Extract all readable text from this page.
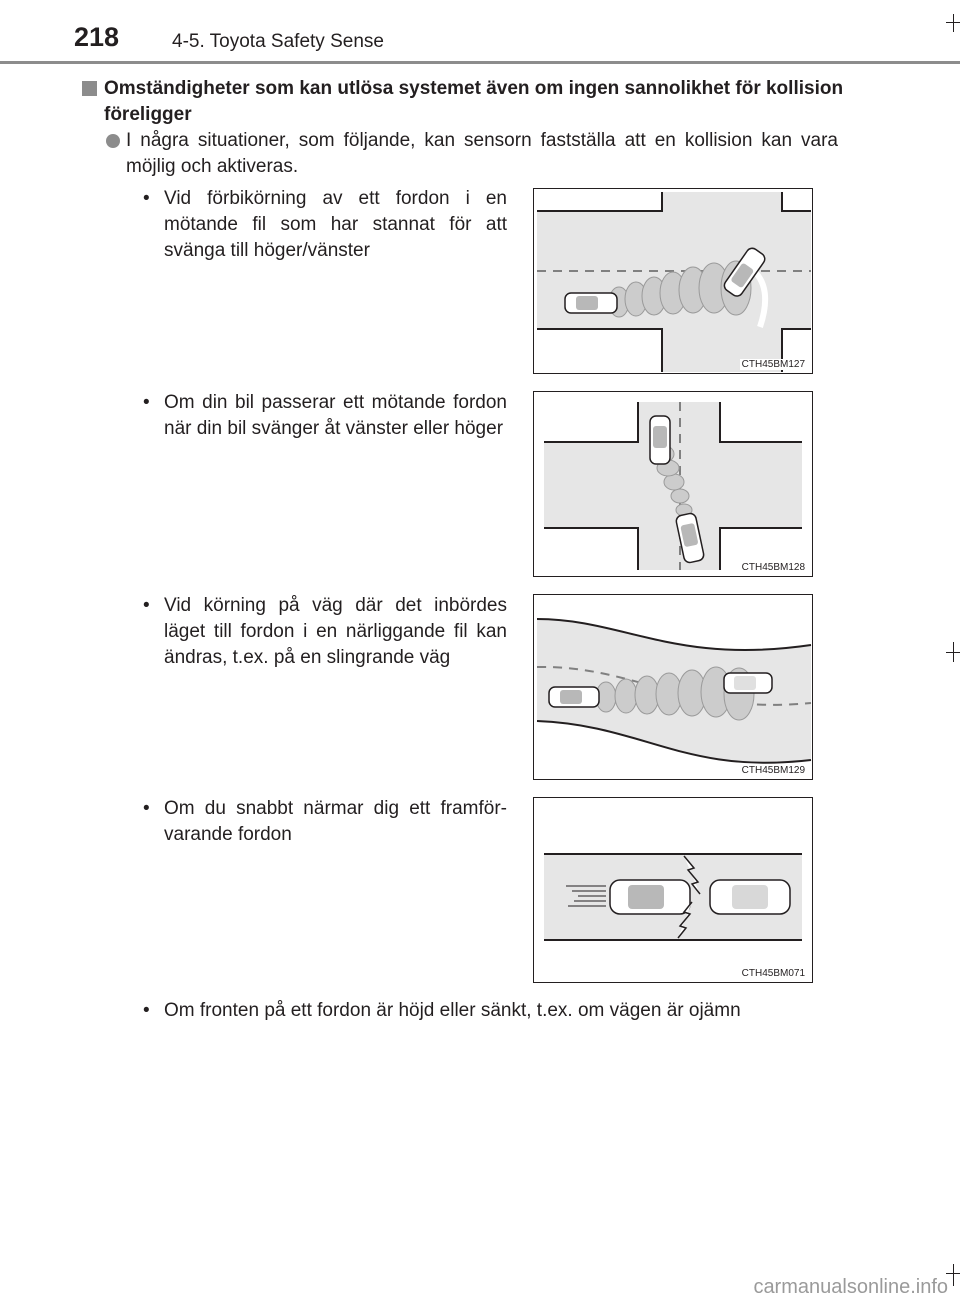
218	4-5. Toyota Safety Sense
Omständigheter som kan utlösa systemet även om ingen sannolikhet för kollision föreligger
I några situationer, som följande, kan sensorn fastställa att en kollision kan vara möjlig och aktiveras.
• Vid förbikörning av ett fordon i en mötande fil som har stannat för att svänga till höger/vänster
CTH45BM127
• Om din bil passerar ett mötande fordon när din bil svänger åt vänster eller höger
CTH45BM128
• Vid körning på väg där det inbördes läget till fordon i en närliggande fil kan ändras, t.ex. på en slingrande väg
CTH45BM129
• Om du snabbt närmar dig ett framförvarande fordon
CTH45BM071
• Om fronten på ett fordon är höjd eller sänkt, t.ex. om vägen är ojämn
carmanualsonline.info
